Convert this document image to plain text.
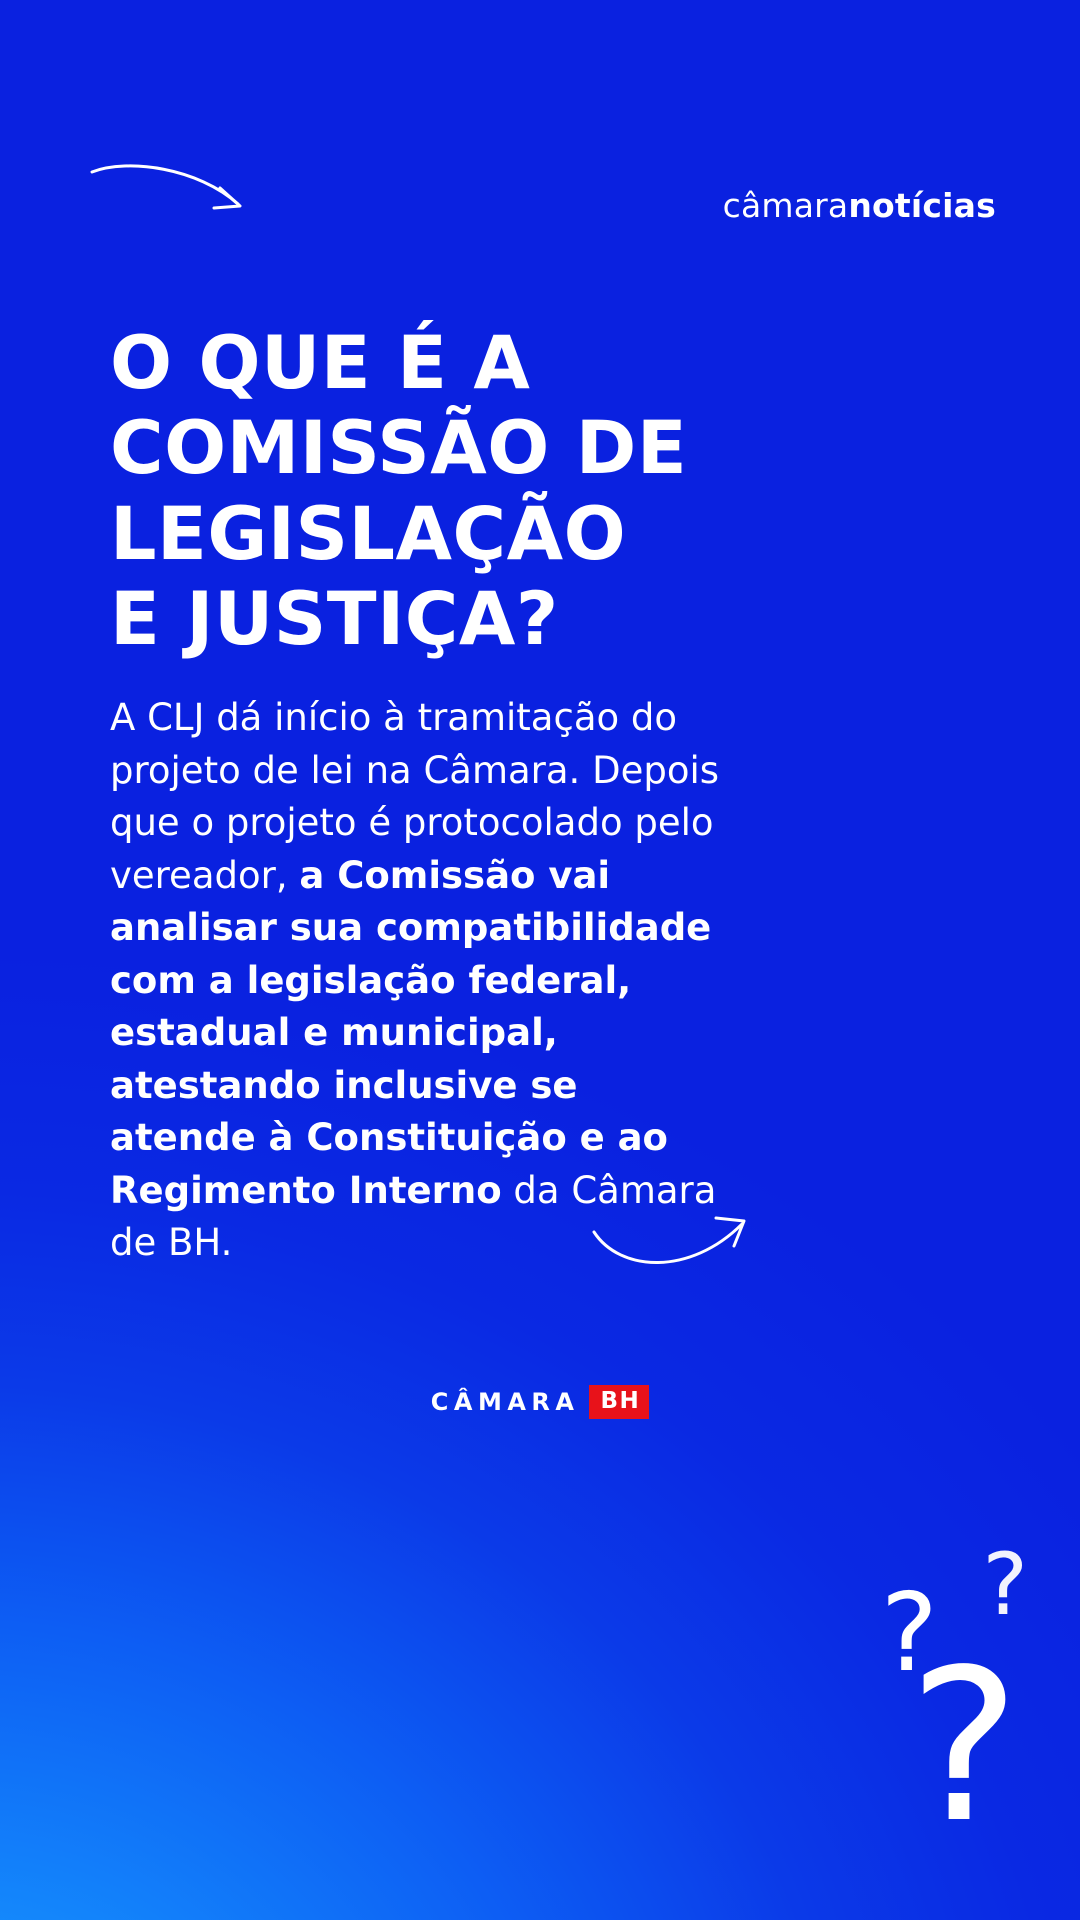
câmaranotícias
O QUE É A
COMISSÃO DE
LEGISLAÇÃO
E JUSTIÇA?

A CLJ dá início à tramitação do projeto de lei na Câmara. Depois que o projeto é protocolado pelo vereador, a Comissão vai analisar sua compatibilidade com a legislação federal, estadual e municipal, atestando inclusive se atende à Constituição e ao Regimento Interno da Câmara de BH.

CÂMARA BH
?
?
?
